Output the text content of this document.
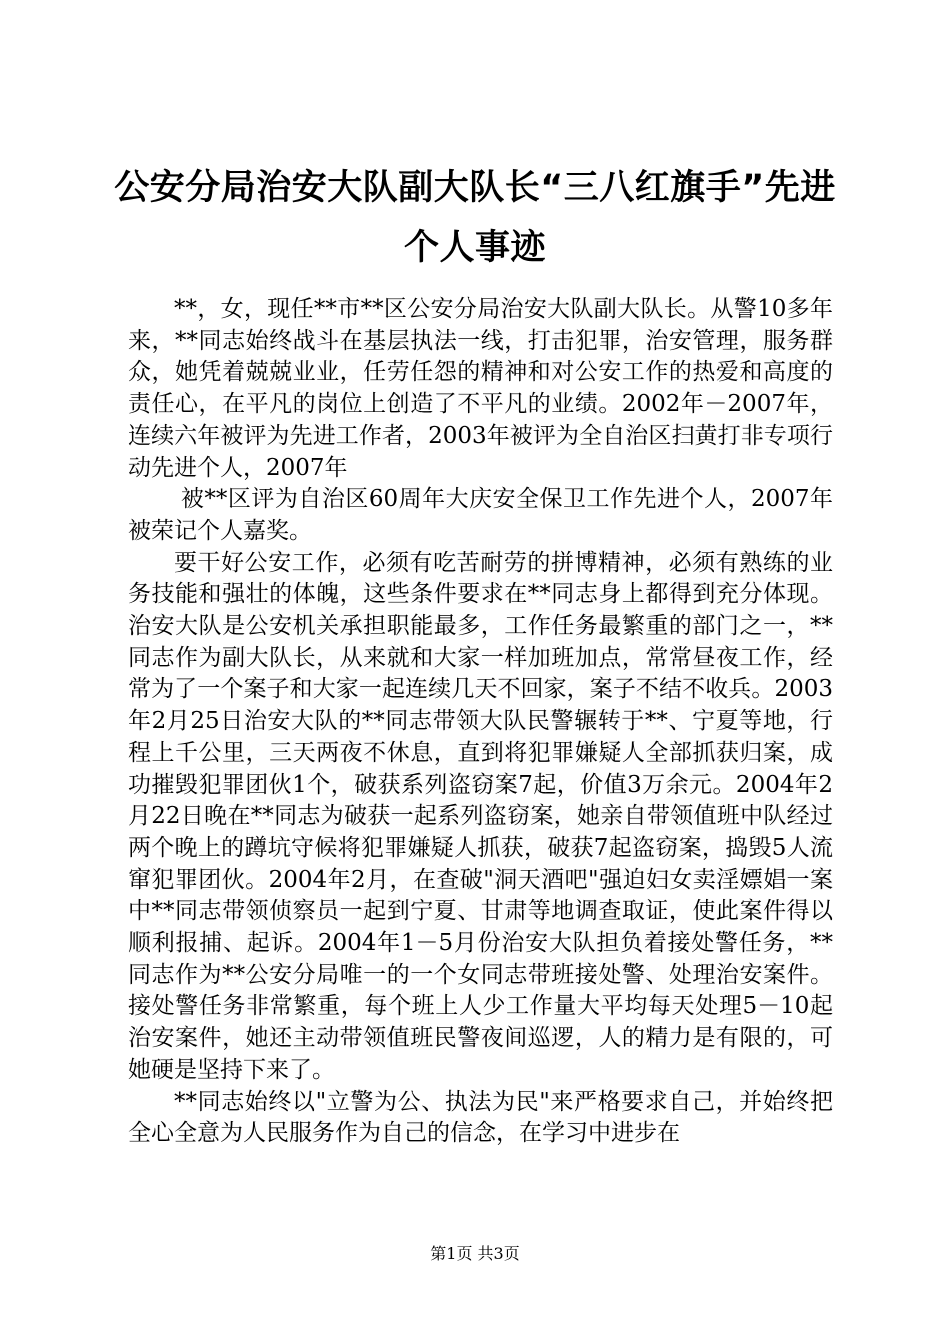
公安分局治安大队副大队长“三八红旗手”先进个人事迹

**，女，现任**市**区公安分局治安大队副大队长。从警10多年来，**同志始终战斗在基层执法一线，打击犯罪，治安管理，服务群众，她凭着兢兢业业，任劳任怨的精神和对公安工作的热爱和高度的责任心，在平凡的岗位上创造了不平凡的业绩。2002年－2007年，连续六年被评为先进工作者，2003年被评为全自治区扫黄打非专项行动先进个人，2007年

被**区评为自治区60周年大庆安全保卫工作先进个人，2007年被荣记个人嘉奖。

要干好公安工作，必须有吃苦耐劳的拼博精神，必须有熟练的业务技能和强壮的体魄，这些条件要求在**同志身上都得到充分体现。治安大队是公安机关承担职能最多，工作任务最繁重的部门之一，**同志作为副大队长，从来就和大家一样加班加点，常常昼夜工作，经常为了一个案子和大家一起连续几天不回家，案子不结不收兵。2003年2月25日治安大队的**同志带领大队民警辗转于**、宁夏等地，行程上千公里，三天两夜不休息，直到将犯罪嫌疑人全部抓获归案，成功摧毁犯罪团伙1个，破获系列盗窃案7起，价值3万余元。2004年2月22日晚在**同志为破获一起系列盗窃案，她亲自带领值班中队经过两个晚上的蹲坑守候将犯罪嫌疑人抓获，破获7起盗窃案，捣毁5人流窜犯罪团伙。2004年2月，在查破"洞天酒吧"强迫妇女卖淫嫖娼一案中**同志带领侦察员一起到宁夏、甘肃等地调查取证，使此案件得以顺利报捕、起诉。2004年1－5月份治安大队担负着接处警任务，**同志作为**公安分局唯一的一个女同志带班接处警、处理治安案件。接处警任务非常繁重，每个班上人少工作量大平均每天处理5－10起治安案件，她还主动带领值班民警夜间巡逻，人的精力是有限的，可她硬是坚持下来了。

**同志始终以"立警为公、执法为民"来严格要求自己，并始终把全心全意为人民服务作为自己的信念，在学习中进步在

第1页 共3页
